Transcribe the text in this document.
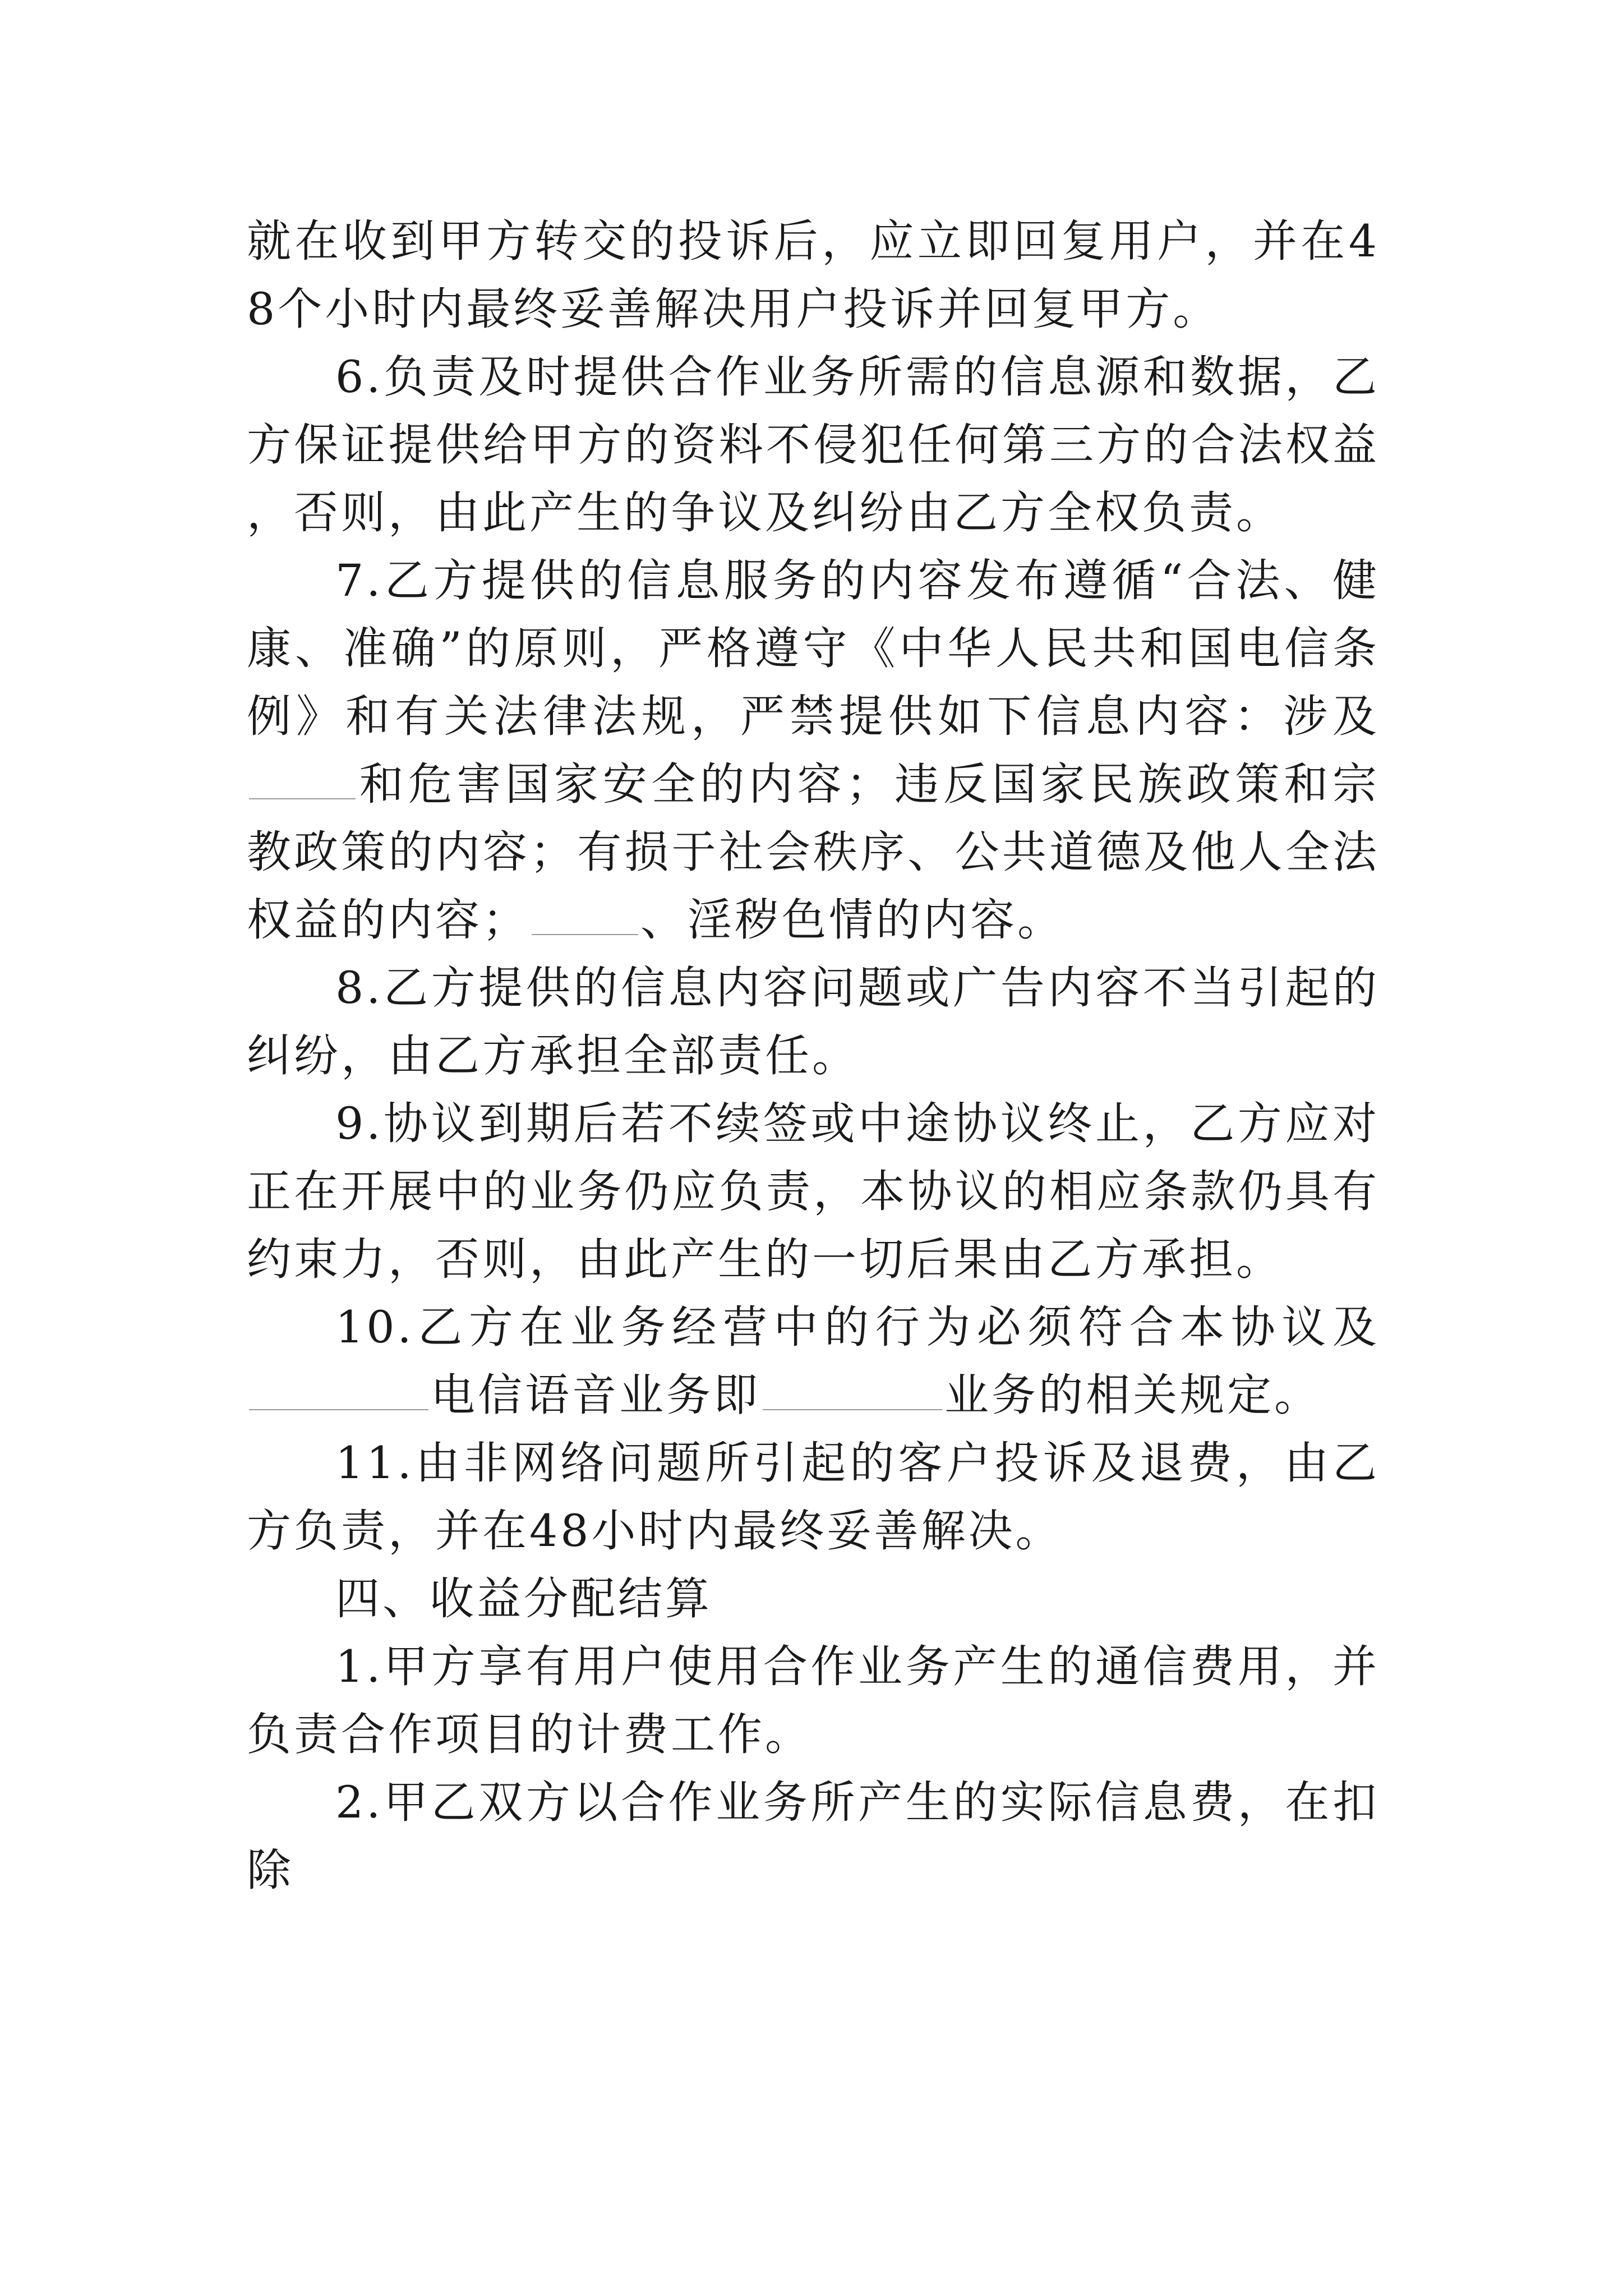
就在收到甲方转交的投诉后，应立即回复用户，并在48个小时内最终妥善解决用户投诉并回复甲方。

6.负责及时提供合作业务所需的信息源和数据，乙方保证提供给甲方的资料不侵犯任何第三方的合法权益，否则，由此产生的争议及纠纷由乙方全权负责。

7.乙方提供的信息服务的内容发布遵循“合法、健康、准确”的原则，严格遵守《中华人民共和国电信条例》和有关法律法规，严禁提供如下信息内容：涉及和危害国家安全的内容；违反国家民族政策和宗教政策的内容；有损于社会秩序、公共道德及他人全法权益的内容；	、淫秽色情的内容。

8.乙方提供的信息内容问题或广告内容不当引起的纠纷，由乙方承担全部责任。

9.协议到期后若不续签或中途协议终止，乙方应对正在开展中的业务仍应负责，本协议的相应条款仍具有约束力，否则，由此产生的一切后果由乙方承担。

10.乙方在业务经营中的行为必须符合本协议及电信语音业务即	业务的相关规定。

11.由非网络问题所引起的客户投诉及退费，由乙方负责，并在48小时内最终妥善解决。

四、收益分配结算

1.甲方享有用户使用合作业务产生的通信费用，并负责合作项目的计费工作。

2.甲乙双方以合作业务所产生的实际信息费，在扣除
